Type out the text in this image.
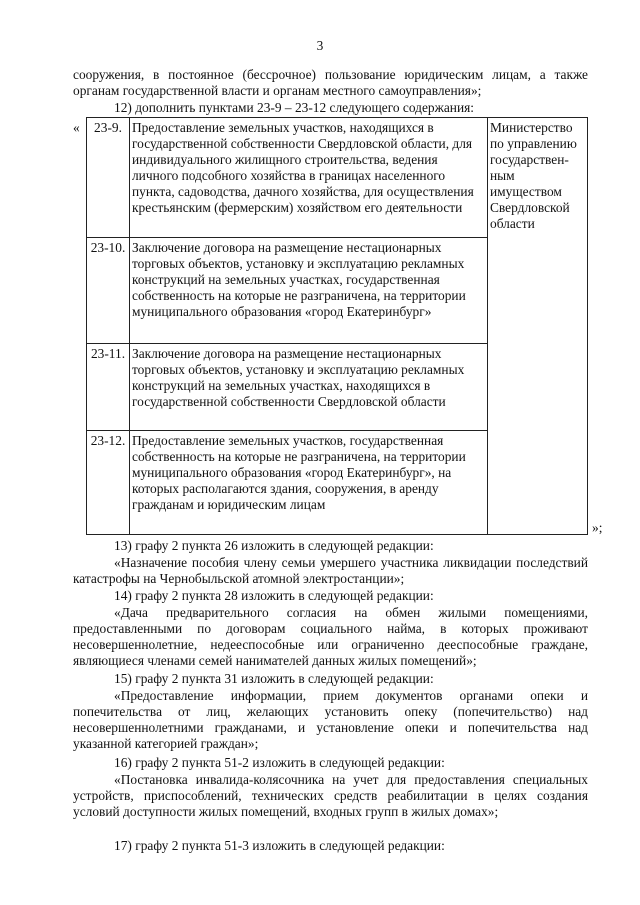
3
сооружения, в постоянное (бессрочное) пользование юридическим лицам, а также органам государственной власти и органам местного самоуправления»;
12) дополнить пунктами 23-9 – 23-12 следующего содержания:
«	23-9.
23-10.
23-11.
23-12.
Предоставление земельных участков, находящихся в государственной собственности Свердловской области, для индивидуального жилищного строительства, ведения личного подсобного хозяйства в границах населенного пункта, садоводства, дачного хозяйства, для осуществления крестьянским (фермерским) хозяйством его деятельности
Заключение договора на размещение нестационарных торговых объектов, установку и эксплуатацию рекламных конструкций на земельных участках, государственная собственность на которые не разграничена, на территории муниципального образования «город Екатеринбург»
Заключение договора на размещение нестационарных торговых объектов, установку и эксплуатацию рекламных конструкций на земельных участках, находящихся в государственной собственности Свердловской области
Предоставление земельных участков, государственная собственность на которые не разграничена, на территории муниципального образования «город Екатеринбург», на которых располагаются здания, сооружения, в аренду гражданам и юридическим лицам
Министерство по управлению государствен-ным имуществом Свердловской области
»;
13) графу 2 пункта 26 изложить в следующей редакции:
«Назначение пособия члену семьи умершего участника ликвидации последствий катастрофы на Чернобыльской атомной электростанции»;
14) графу 2 пункта 28 изложить в следующей редакции:
«Дача предварительного согласия на обмен жилыми помещениями, предоставленными по договорам социального найма, в которых проживают несовершеннолетние, недееспособные или ограниченно дееспособные граждане, являющиеся членами семей нанимателей данных жилых помещений»;
15) графу 2 пункта 31 изложить в следующей редакции:
«Предоставление информации, прием документов органами опеки и попечительства от лиц, желающих установить опеку (попечительство) над несовершеннолетними гражданами, и установление опеки и попечительства над указанной категорией граждан»;
16) графу 2 пункта 51-2 изложить в следующей редакции:
«Постановка инвалида-колясочника на учет для предоставления специальных устройств, приспособлений, технических средств реабилитации в целях создания условий доступности жилых помещений, входных групп в жилых домах»;
17) графу 2 пункта 51-3 изложить в следующей редакции:
